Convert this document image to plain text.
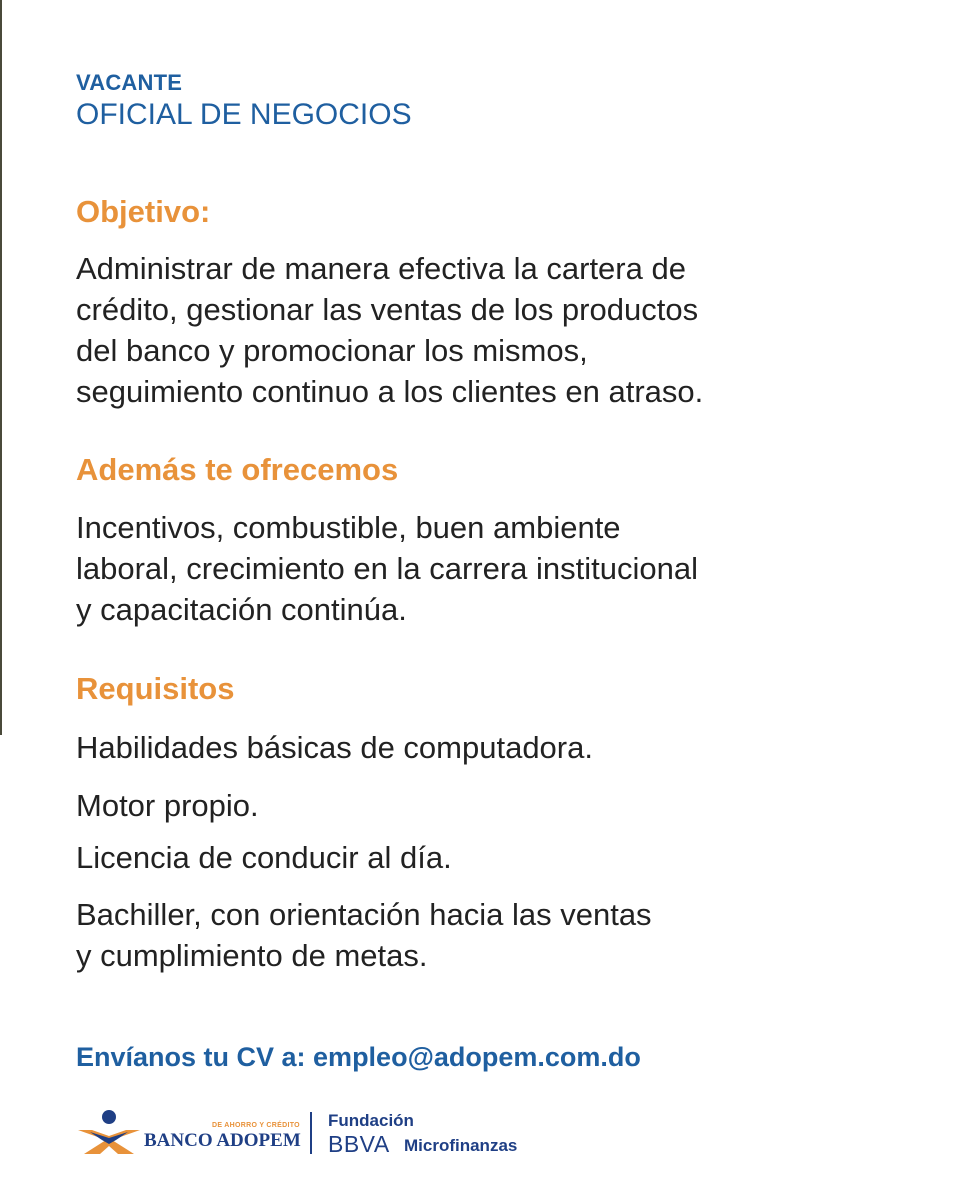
VACANTE
OFICIAL DE NEGOCIOS
Objetivo:
Administrar de manera efectiva la cartera de
crédito, gestionar las ventas de los productos
del banco y promocionar los mismos,
seguimiento continuo a los clientes en atraso.
Además te ofrecemos
Incentivos, combustible, buen ambiente
laboral, crecimiento en la carrera institucional
y capacitación continúa.
Requisitos
Habilidades básicas de computadora.
Motor propio.
Licencia de conducir al día.
Bachiller, con orientación hacia las ventas
y cumplimiento de metas.
Envíanos tu CV a: empleo@adopem.com.do
DE AHORRO Y CRÉDITO
BANCO ADOPEM
Fundación
BBVA Microfinanzas
